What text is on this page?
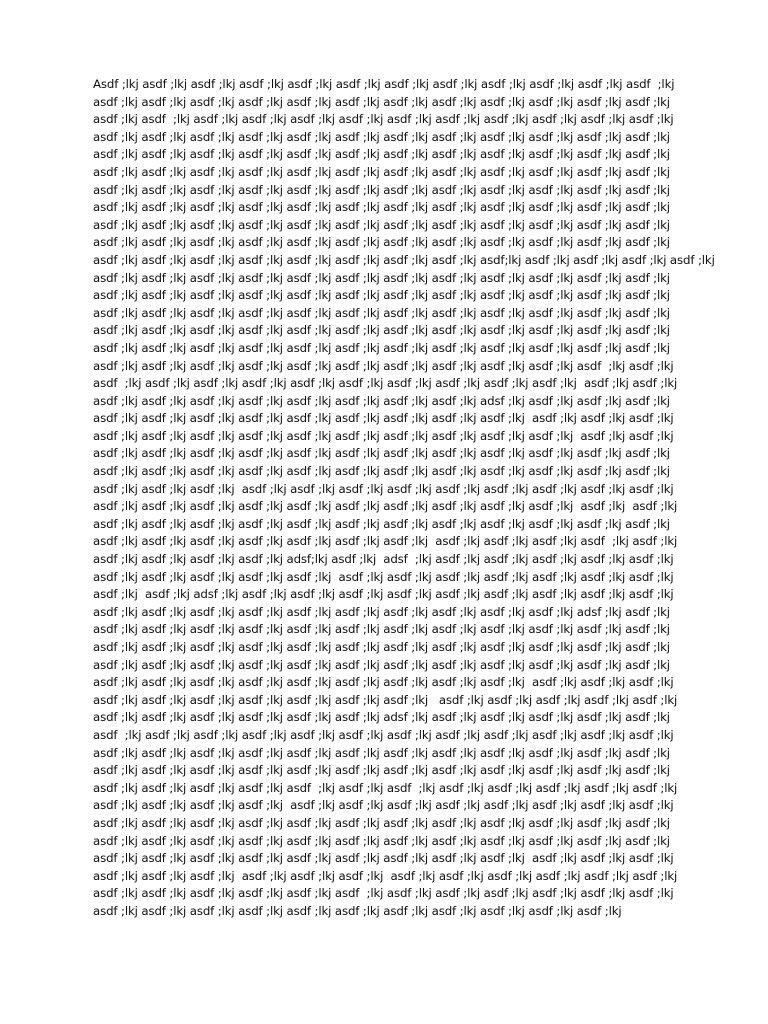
Asdf ;lkj asdf ;lkj asdf ;lkj asdf ;lkj asdf ;lkj asdf ;lkj asdf ;lkj asdf ;lkj asdf ;lkj asdf ;lkj asdf ;lkj asdf  ;lkj
asdf ;lkj asdf ;lkj asdf ;lkj asdf ;lkj asdf ;lkj asdf ;lkj asdf ;lkj asdf ;lkj asdf ;lkj asdf ;lkj asdf ;lkj asdf ;lkj
asdf ;lkj asdf  ;lkj asdf ;lkj asdf ;lkj asdf ;lkj asdf ;lkj asdf ;lkj asdf ;lkj asdf ;lkj asdf ;lkj asdf ;lkj asdf ;lkj
asdf ;lkj asdf ;lkj asdf ;lkj asdf ;lkj asdf ;lkj asdf ;lkj asdf ;lkj asdf ;lkj asdf ;lkj asdf ;lkj asdf ;lkj asdf ;lkj
asdf ;lkj asdf ;lkj asdf ;lkj asdf ;lkj asdf ;lkj asdf ;lkj asdf ;lkj asdf ;lkj asdf ;lkj asdf ;lkj asdf ;lkj asdf ;lkj
asdf ;lkj asdf ;lkj asdf ;lkj asdf ;lkj asdf ;lkj asdf ;lkj asdf ;lkj asdf ;lkj asdf ;lkj asdf ;lkj asdf ;lkj asdf ;lkj
asdf ;lkj asdf ;lkj asdf ;lkj asdf ;lkj asdf ;lkj asdf ;lkj asdf ;lkj asdf ;lkj asdf ;lkj asdf ;lkj asdf ;lkj asdf ;lkj
asdf ;lkj asdf ;lkj asdf ;lkj asdf ;lkj asdf ;lkj asdf ;lkj asdf ;lkj asdf ;lkj asdf ;lkj asdf ;lkj asdf ;lkj asdf ;lkj
asdf ;lkj asdf ;lkj asdf ;lkj asdf ;lkj asdf ;lkj asdf ;lkj asdf ;lkj asdf ;lkj asdf ;lkj asdf ;lkj asdf ;lkj asdf ;lkj
asdf ;lkj asdf ;lkj asdf ;lkj asdf ;lkj asdf ;lkj asdf ;lkj asdf ;lkj asdf ;lkj asdf ;lkj asdf ;lkj asdf ;lkj asdf ;lkj
asdf ;lkj asdf ;lkj asdf ;lkj asdf ;lkj asdf ;lkj asdf ;lkj asdf ;lkj asdf ;lkj asdf;lkj asdf ;lkj asdf ;lkj asdf ;lkj asdf ;lkj
asdf ;lkj asdf ;lkj asdf ;lkj asdf ;lkj asdf ;lkj asdf ;lkj asdf ;lkj asdf ;lkj asdf ;lkj asdf ;lkj asdf ;lkj asdf ;lkj
asdf ;lkj asdf ;lkj asdf ;lkj asdf ;lkj asdf ;lkj asdf ;lkj asdf ;lkj asdf ;lkj asdf ;lkj asdf ;lkj asdf ;lkj asdf ;lkj
asdf ;lkj asdf ;lkj asdf ;lkj asdf ;lkj asdf ;lkj asdf ;lkj asdf ;lkj asdf ;lkj asdf ;lkj asdf ;lkj asdf ;lkj asdf ;lkj
asdf ;lkj asdf ;lkj asdf ;lkj asdf ;lkj asdf ;lkj asdf ;lkj asdf ;lkj asdf ;lkj asdf ;lkj asdf ;lkj asdf ;lkj asdf ;lkj
asdf ;lkj asdf ;lkj asdf ;lkj asdf ;lkj asdf ;lkj asdf ;lkj asdf ;lkj asdf ;lkj asdf ;lkj asdf ;lkj asdf ;lkj asdf ;lkj
asdf ;lkj asdf ;lkj asdf ;lkj asdf ;lkj asdf ;lkj asdf ;lkj asdf ;lkj asdf ;lkj asdf ;lkj asdf ;lkj asdf  ;lkj asdf ;lkj
asdf  ;lkj asdf ;lkj asdf ;lkj asdf ;lkj asdf ;lkj asdf ;lkj asdf ;lkj asdf ;lkj asdf ;lkj asdf ;lkj  asdf ;lkj asdf ;lkj
asdf ;lkj asdf ;lkj asdf ;lkj asdf ;lkj asdf ;lkj asdf ;lkj asdf ;lkj asdf ;lkj adsf ;lkj asdf ;lkj asdf ;lkj asdf ;lkj
asdf ;lkj asdf ;lkj asdf ;lkj asdf ;lkj asdf ;lkj asdf ;lkj asdf ;lkj asdf ;lkj asdf ;lkj  asdf ;lkj asdf ;lkj asdf ;lkj
asdf ;lkj asdf ;lkj asdf ;lkj asdf ;lkj asdf ;lkj asdf ;lkj asdf ;lkj asdf ;lkj asdf ;lkj asdf ;lkj  asdf ;lkj asdf ;lkj
asdf ;lkj asdf ;lkj asdf ;lkj asdf ;lkj asdf ;lkj asdf ;lkj asdf ;lkj asdf ;lkj asdf ;lkj asdf ;lkj asdf ;lkj asdf ;lkj
asdf ;lkj asdf ;lkj asdf ;lkj asdf ;lkj asdf ;lkj asdf ;lkj asdf ;lkj asdf ;lkj asdf ;lkj asdf ;lkj asdf ;lkj asdf ;lkj
asdf ;lkj asdf ;lkj asdf ;lkj  asdf ;lkj asdf ;lkj asdf ;lkj asdf ;lkj asdf ;lkj asdf ;lkj asdf ;lkj asdf ;lkj asdf ;lkj
asdf ;lkj asdf ;lkj asdf ;lkj asdf ;lkj asdf ;lkj asdf ;lkj asdf ;lkj asdf ;lkj asdf ;lkj asdf ;lkj  asdf ;lkj  asdf ;lkj
asdf ;lkj asdf ;lkj asdf ;lkj asdf ;lkj asdf ;lkj asdf ;lkj asdf ;lkj asdf ;lkj asdf ;lkj asdf ;lkj asdf ;lkj asdf ;lkj
asdf ;lkj asdf ;lkj asdf ;lkj asdf ;lkj asdf ;lkj asdf ;lkj asdf ;lkj  asdf ;lkj asdf ;lkj asdf ;lkj asdf  ;lkj asdf ;lkj
asdf ;lkj asdf ;lkj asdf ;lkj asdf ;lkj adsf;lkj asdf ;lkj  adsf  ;lkj asdf ;lkj asdf ;lkj asdf ;lkj asdf ;lkj asdf ;lkj
asdf ;lkj asdf ;lkj asdf ;lkj asdf ;lkj asdf ;lkj  asdf ;lkj asdf ;lkj asdf ;lkj asdf ;lkj asdf ;lkj asdf ;lkj asdf ;lkj
asdf ;lkj  asdf ;lkj adsf ;lkj asdf ;lkj asdf ;lkj asdf ;lkj asdf ;lkj asdf ;lkj asdf ;lkj asdf ;lkj asdf ;lkj asdf ;lkj
asdf ;lkj asdf ;lkj asdf ;lkj asdf ;lkj asdf ;lkj asdf ;lkj asdf ;lkj asdf ;lkj asdf ;lkj asdf ;lkj adsf ;lkj asdf ;lkj
asdf ;lkj asdf ;lkj asdf ;lkj asdf ;lkj asdf ;lkj asdf ;lkj asdf ;lkj asdf ;lkj asdf ;lkj asdf ;lkj asdf ;lkj asdf ;lkj
asdf ;lkj asdf ;lkj asdf ;lkj asdf ;lkj asdf ;lkj asdf ;lkj asdf ;lkj asdf ;lkj asdf ;lkj asdf ;lkj asdf ;lkj asdf ;lkj
asdf ;lkj asdf ;lkj asdf ;lkj asdf ;lkj asdf ;lkj asdf ;lkj asdf ;lkj asdf ;lkj asdf ;lkj asdf ;lkj asdf ;lkj asdf ;lkj
asdf ;lkj asdf ;lkj asdf ;lkj asdf ;lkj asdf ;lkj asdf ;lkj asdf ;lkj asdf ;lkj asdf ;lkj  asdf ;lkj asdf ;lkj asdf ;lkj
asdf ;lkj asdf ;lkj asdf ;lkj asdf ;lkj asdf ;lkj asdf ;lkj asdf ;lkj   asdf ;lkj asdf ;lkj asdf ;lkj asdf ;lkj asdf ;lkj
asdf ;lkj asdf ;lkj asdf ;lkj asdf ;lkj asdf ;lkj asdf ;lkj adsf ;lkj asdf ;lkj asdf ;lkj asdf ;lkj asdf ;lkj asdf ;lkj
asdf  ;lkj asdf ;lkj asdf ;lkj asdf ;lkj asdf ;lkj asdf ;lkj asdf ;lkj asdf ;lkj asdf ;lkj asdf ;lkj asdf ;lkj asdf ;lkj
asdf ;lkj asdf ;lkj asdf ;lkj asdf ;lkj asdf ;lkj asdf ;lkj asdf ;lkj asdf ;lkj asdf ;lkj asdf ;lkj asdf ;lkj asdf ;lkj
asdf ;lkj asdf ;lkj asdf ;lkj asdf ;lkj asdf ;lkj asdf ;lkj asdf ;lkj asdf ;lkj asdf ;lkj asdf ;lkj asdf ;lkj asdf ;lkj
asdf ;lkj asdf ;lkj asdf ;lkj asdf ;lkj asdf  ;lkj asdf ;lkj asdf  ;lkj asdf ;lkj asdf ;lkj asdf ;lkj asdf ;lkj asdf ;lkj
asdf ;lkj asdf ;lkj asdf ;lkj asdf ;lkj  asdf ;lkj asdf ;lkj asdf ;lkj asdf ;lkj asdf ;lkj asdf ;lkj asdf ;lkj asdf ;lkj
asdf ;lkj asdf ;lkj asdf ;lkj asdf ;lkj asdf ;lkj asdf ;lkj asdf ;lkj asdf ;lkj asdf ;lkj asdf ;lkj asdf ;lkj asdf ;lkj
asdf ;lkj asdf ;lkj asdf ;lkj asdf ;lkj asdf ;lkj asdf ;lkj asdf ;lkj asdf ;lkj asdf ;lkj asdf ;lkj asdf ;lkj asdf ;lkj
asdf ;lkj asdf ;lkj asdf ;lkj asdf ;lkj asdf ;lkj asdf ;lkj asdf ;lkj asdf ;lkj asdf ;lkj  asdf ;lkj asdf ;lkj asdf ;lkj
asdf ;lkj asdf ;lkj asdf ;lkj  asdf ;lkj asdf ;lkj asdf ;lkj  asdf ;lkj asdf ;lkj asdf ;lkj asdf ;lkj asdf ;lkj asdf ;lkj
asdf ;lkj asdf ;lkj asdf ;lkj asdf ;lkj asdf ;lkj asdf  ;lkj asdf ;lkj asdf ;lkj asdf ;lkj asdf ;lkj asdf ;lkj asdf ;lkj
asdf ;lkj asdf ;lkj asdf ;lkj asdf ;lkj asdf ;lkj asdf ;lkj asdf ;lkj asdf ;lkj asdf ;lkj asdf ;lkj asdf ;lkj
